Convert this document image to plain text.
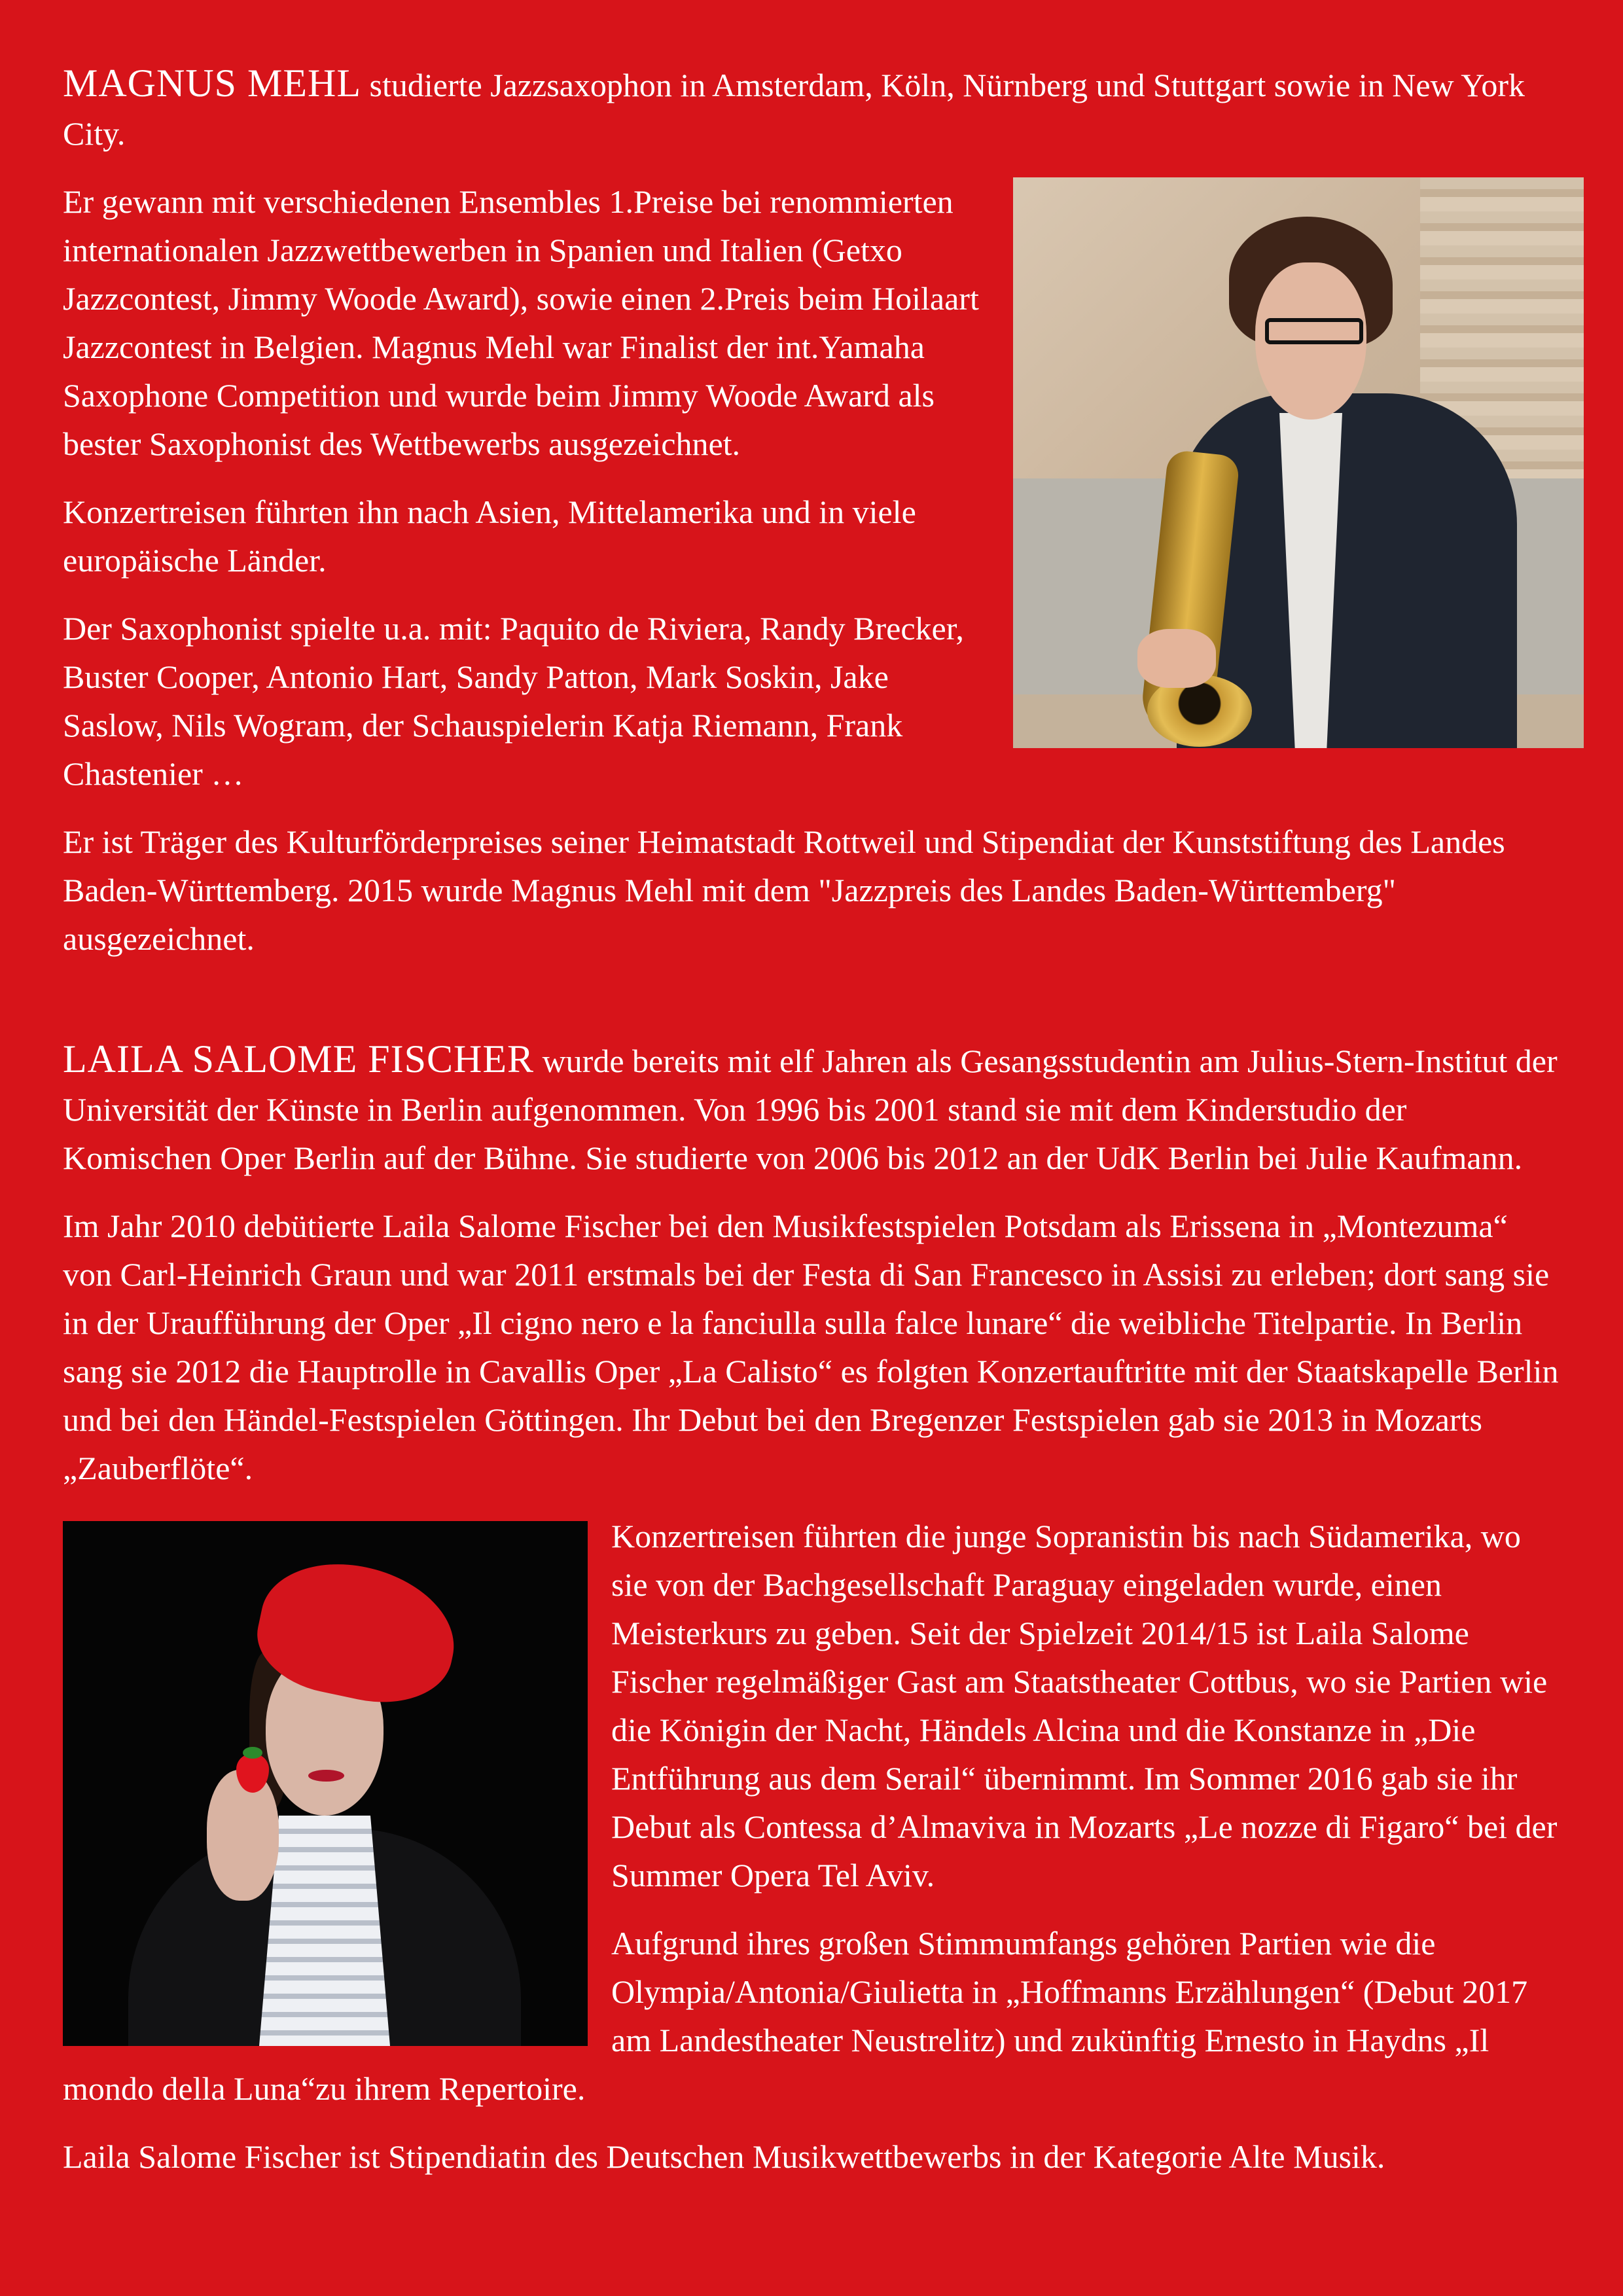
MAGNUS MEHL studierte Jazzsaxophon in Amsterdam, Köln, Nürnberg und Stuttgart sowie in New York City.

Er gewann mit verschiedenen Ensembles 1.Preise bei renommierten internationalen Jazzwettbewerben in Spanien und Italien (Getxo Jazzcontest, Jimmy Woode Award), sowie einen 2.Preis beim Hoilaart Jazzcontest in Belgien. Magnus Mehl war Finalist der int.Yamaha Saxophone Competition und wurde beim Jimmy Woode Award als bester Saxophonist des Wettbewerbs ausgezeichnet.

Konzertreisen führten ihn nach Asien, Mittelamerika und in viele europäische Länder.

Der Saxophonist spielte u.a. mit: Paquito de Riviera, Randy Brecker, Buster Cooper, Antonio Hart, Sandy Patton, Mark Soskin, Jake Saslow, Nils Wogram, der Schauspielerin Katja Riemann, Frank Chastenier …

Er ist Träger des Kulturförderpreises seiner Heimatstadt Rottweil und Stipendiat der Kunststiftung des Landes Baden-Württemberg. 2015 wurde Magnus Mehl mit dem "Jazzpreis des Landes Baden-Württemberg" ausgezeichnet.

LAILA SALOME FISCHER wurde bereits mit elf Jahren als Gesangsstudentin am Julius-Stern-Institut der Universität der Künste in Berlin aufgenommen. Von 1996 bis 2001 stand sie mit dem Kinderstudio der Komischen Oper Berlin auf der Bühne. Sie studierte von 2006 bis 2012 an der UdK Berlin bei Julie Kaufmann.

Im Jahr 2010 debütierte Laila Salome Fischer bei den Musikfestspielen Potsdam als Erissena in „Montezuma“ von Carl-Heinrich Graun und war 2011 erstmals bei der Festa di San Francesco in Assisi zu erleben; dort sang sie in der Uraufführung der Oper „Il cigno nero e la fanciulla sulla falce lunare“ die weibliche Titelpartie. In Berlin sang sie 2012 die Hauptrolle in Cavallis Oper „La Calisto“ es folgten Konzertauftritte mit der Staatskapelle Berlin und bei den Händel-Festspielen Göttingen. Ihr Debut bei den Bregenzer Festspielen gab sie 2013 in Mozarts „Zauberflöte“.

Konzertreisen führten die junge Sopranistin bis nach Südamerika, wo sie von der Bachgesellschaft Paraguay eingeladen wurde, einen Meisterkurs zu geben. Seit der Spielzeit 2014/15 ist Laila Salome Fischer regelmäßiger Gast am Staatstheater Cottbus, wo sie Partien wie die Königin der Nacht, Händels Alcina und die Konstanze in „Die Entführung aus dem Serail“ übernimmt. Im Sommer 2016 gab sie ihr Debut als Contessa d’Almaviva in Mozarts „Le nozze di Figaro“ bei der Summer Opera Tel Aviv.

Aufgrund ihres großen Stimmumfangs gehören Partien wie die Olympia/Antonia/Giulietta in „Hoffmanns Erzählungen“ (Debut 2017 am Landestheater Neustrelitz) und zukünftig Ernesto in Haydns „Il mondo della Luna“zu ihrem Repertoire.

Laila Salome Fischer ist Stipendiatin des Deutschen Musikwettbewerbs in der Kategorie Alte Musik.
